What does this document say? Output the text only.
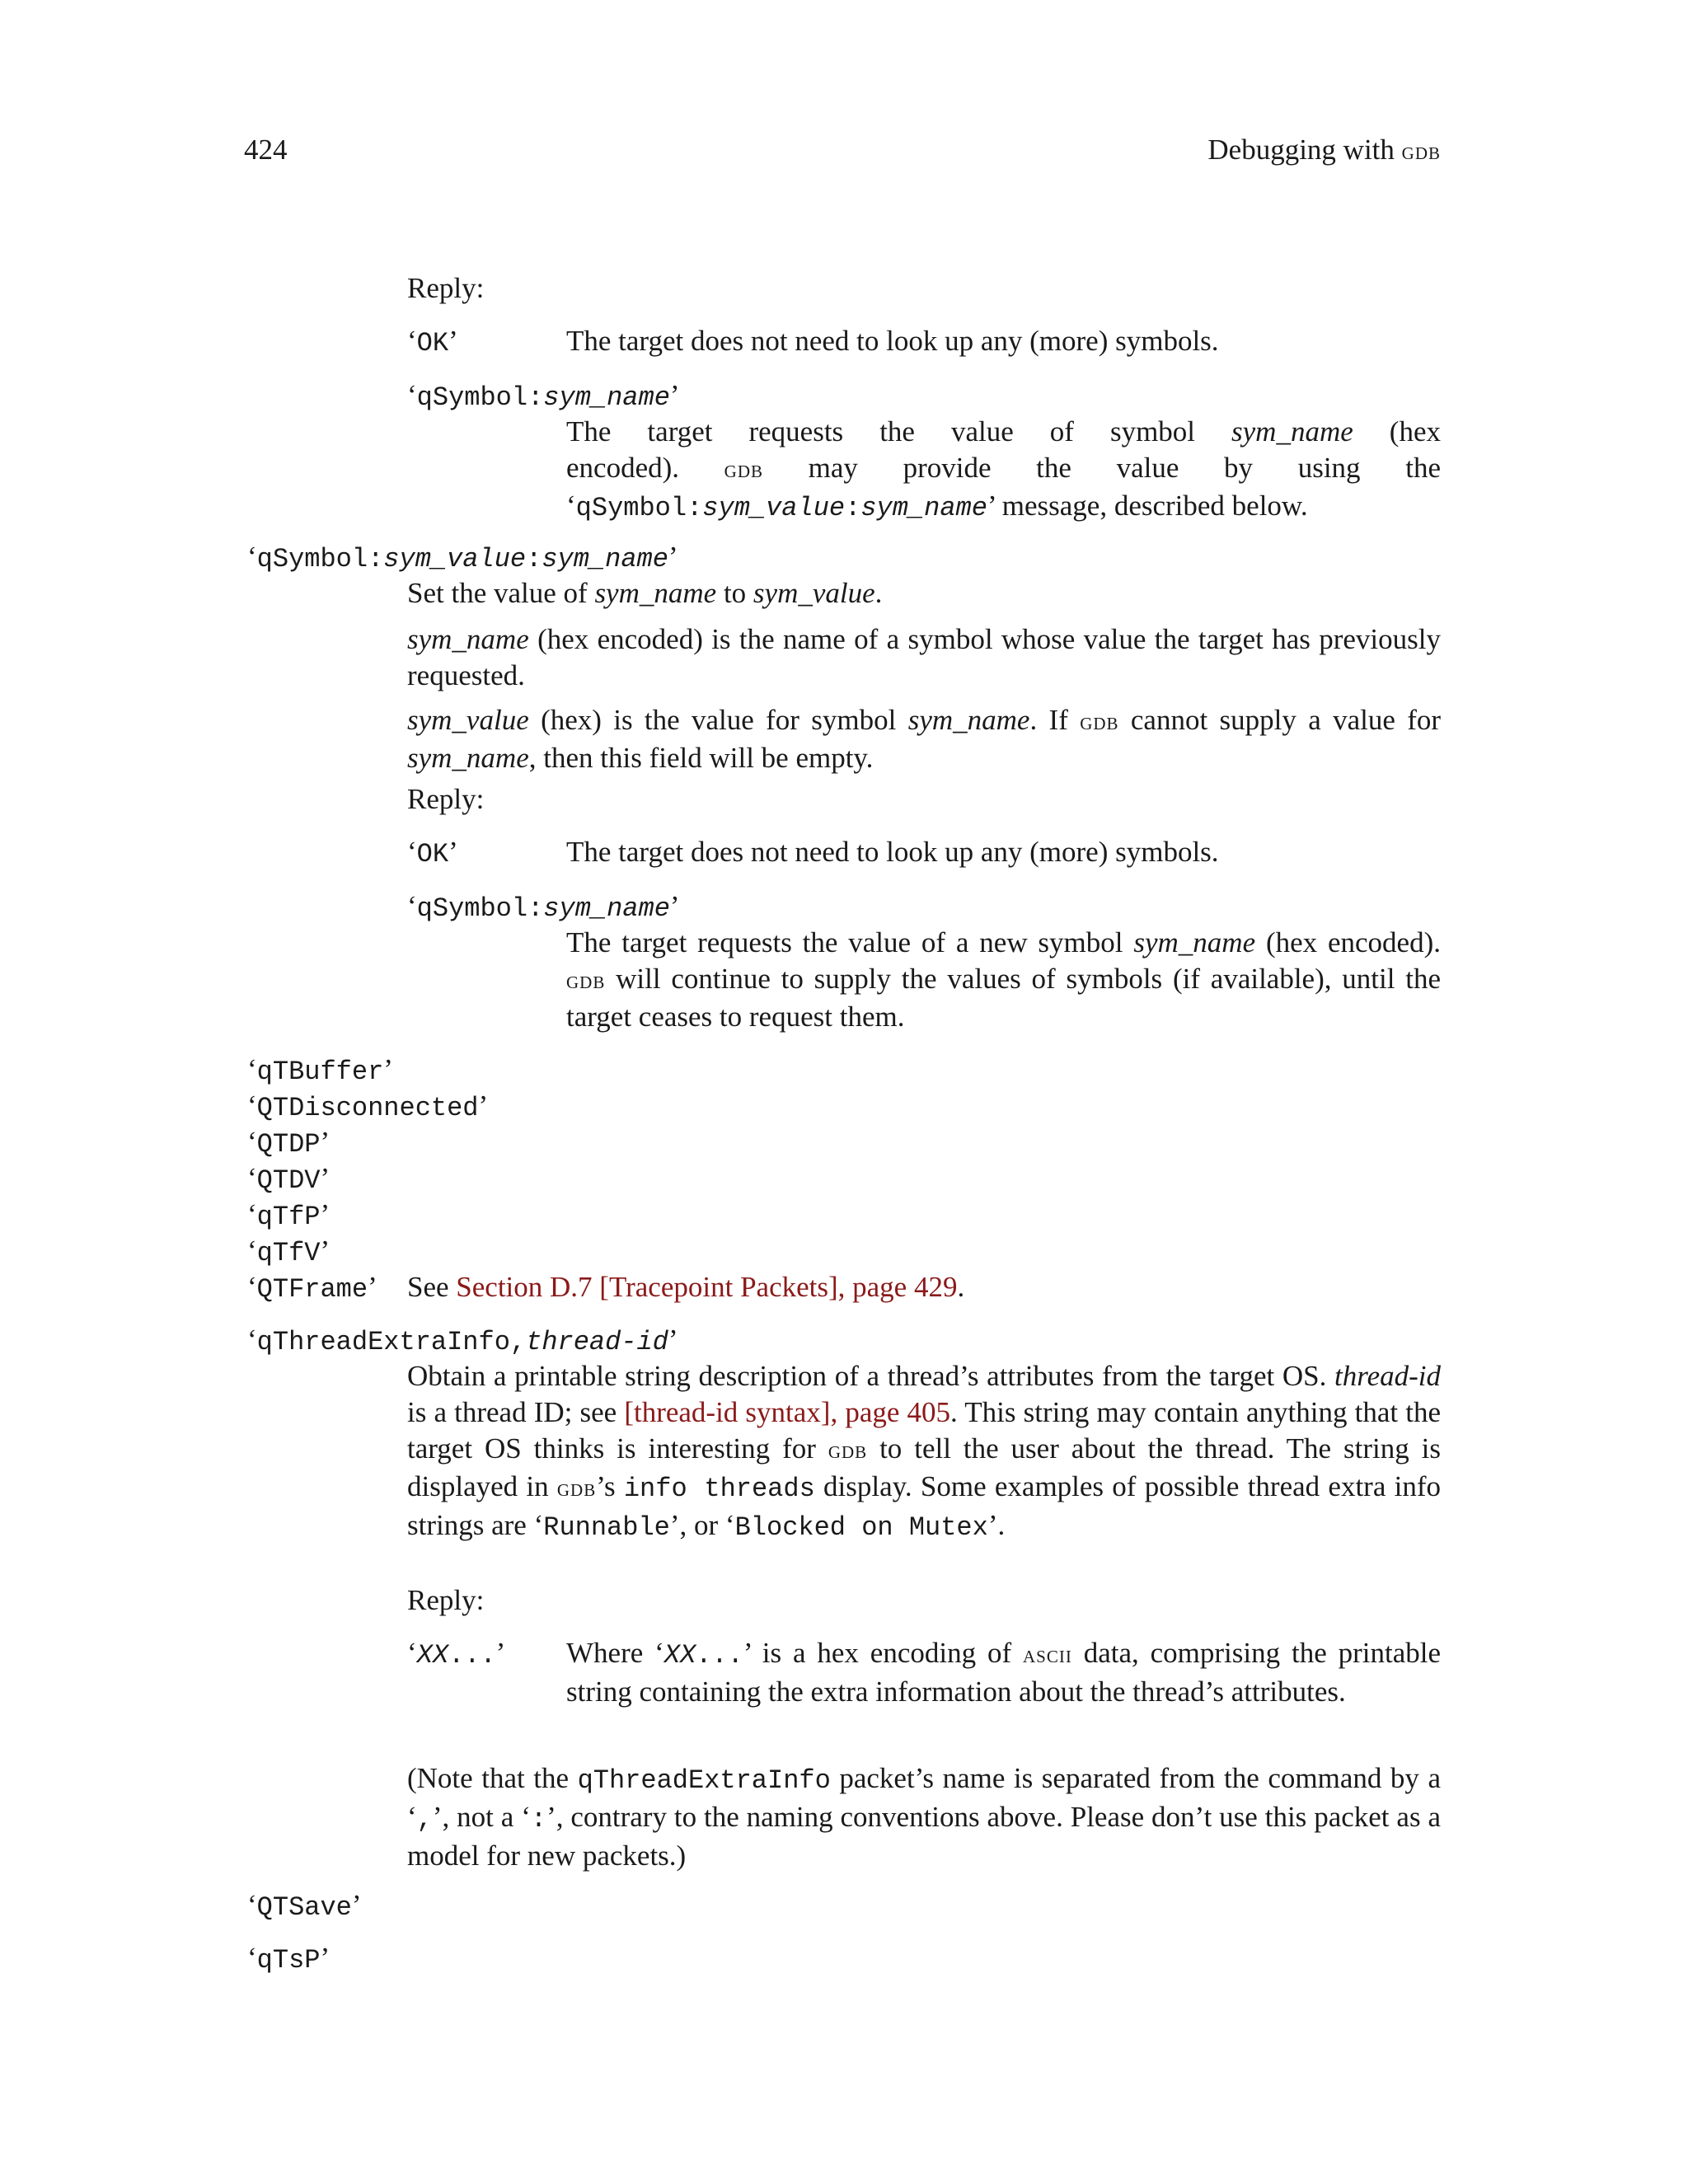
424	Debugging with gdb
Reply:
‘OK’	The target does not need to look up any (more) symbols.
‘qSymbol:sym_name’

The target requests the value of symbol sym_name (hex

encoded). gdb may provide the value by using the

‘qSymbol:sym_value:sym_name’ message, described below.

‘qSymbol:sym_value:sym_name’
Set the value of sym_name to sym_value.

sym_name (hex encoded) is the name of a symbol whose value the target has previously requested.

sym_value (hex) is the value for symbol sym_name. If gdb cannot supply a value for sym_name, then this field will be empty.

Reply:
‘OK’	The target does not need to look up any (more) symbols.
‘qSymbol:sym_name’

The target requests the value of a new symbol sym_name (hex encoded). gdb will continue to supply the values of symbols (if available), until the target ceases to request them.

‘qTBuffer’
‘QTDisconnected’
‘QTDP’
‘QTDV’
‘qTfP’
‘qTfV’
‘QTFrame’ See Section D.7 [Tracepoint Packets], page 429.
‘qThreadExtraInfo,thread-id’

Obtain a printable string description of a thread’s attributes from the target OS. thread-id is a thread ID; see [thread-id syntax], page 405. This string may contain anything that the target OS thinks is interesting for gdb to tell the user about the thread. The string is displayed in gdb’s info threads display. Some examples of possible thread extra info strings are ‘Runnable’, or ‘Blocked on Mutex’.

Reply:
‘XX...’ Where ‘XX...’ is a hex encoding of ascii data, comprising the printable string containing the extra information about the thread’s attributes.

(Note that the qThreadExtraInfo packet’s name is separated from the command by a ‘,’, not a ‘:’, contrary to the naming conventions above. Please don’t use this packet as a model for new packets.)

‘QTSave’
‘qTsP’
